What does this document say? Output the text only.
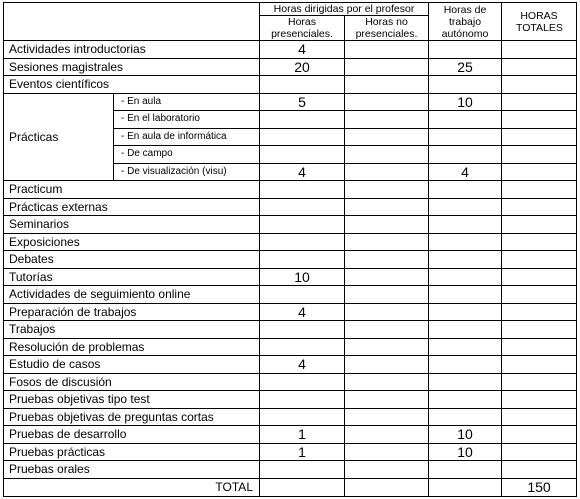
		Horas dirigidas por el profesor		Horas de trabajo autónomo	HORAS TOTALES

		Horas presenciales.	Horas no presenciales.		

Actividades introductorias		4			
Sesiones magistrales		20		25	
Eventos científicos					
Prácticas	- En aula	5		10	
	- En el laboratorio				
	- En aula de informática				
	- De campo				
	- De visualización (visu)	4		4	
Practicum					
Prácticas externas					
Seminarios					
Exposiciones					
Debates					
Tutorías		10			
Actividades de seguimiento online					
Preparación de trabajos		4			
Trabajos					
Resolución de problemas					
Estudio de casos		4			
Fosos de discusión					
Pruebas objetivas tipo test					
Pruebas objetivas de preguntas cortas					
Pruebas de desarrollo		1		10	
Pruebas prácticas		1		10	
Pruebas orales					
TOTAL					150
